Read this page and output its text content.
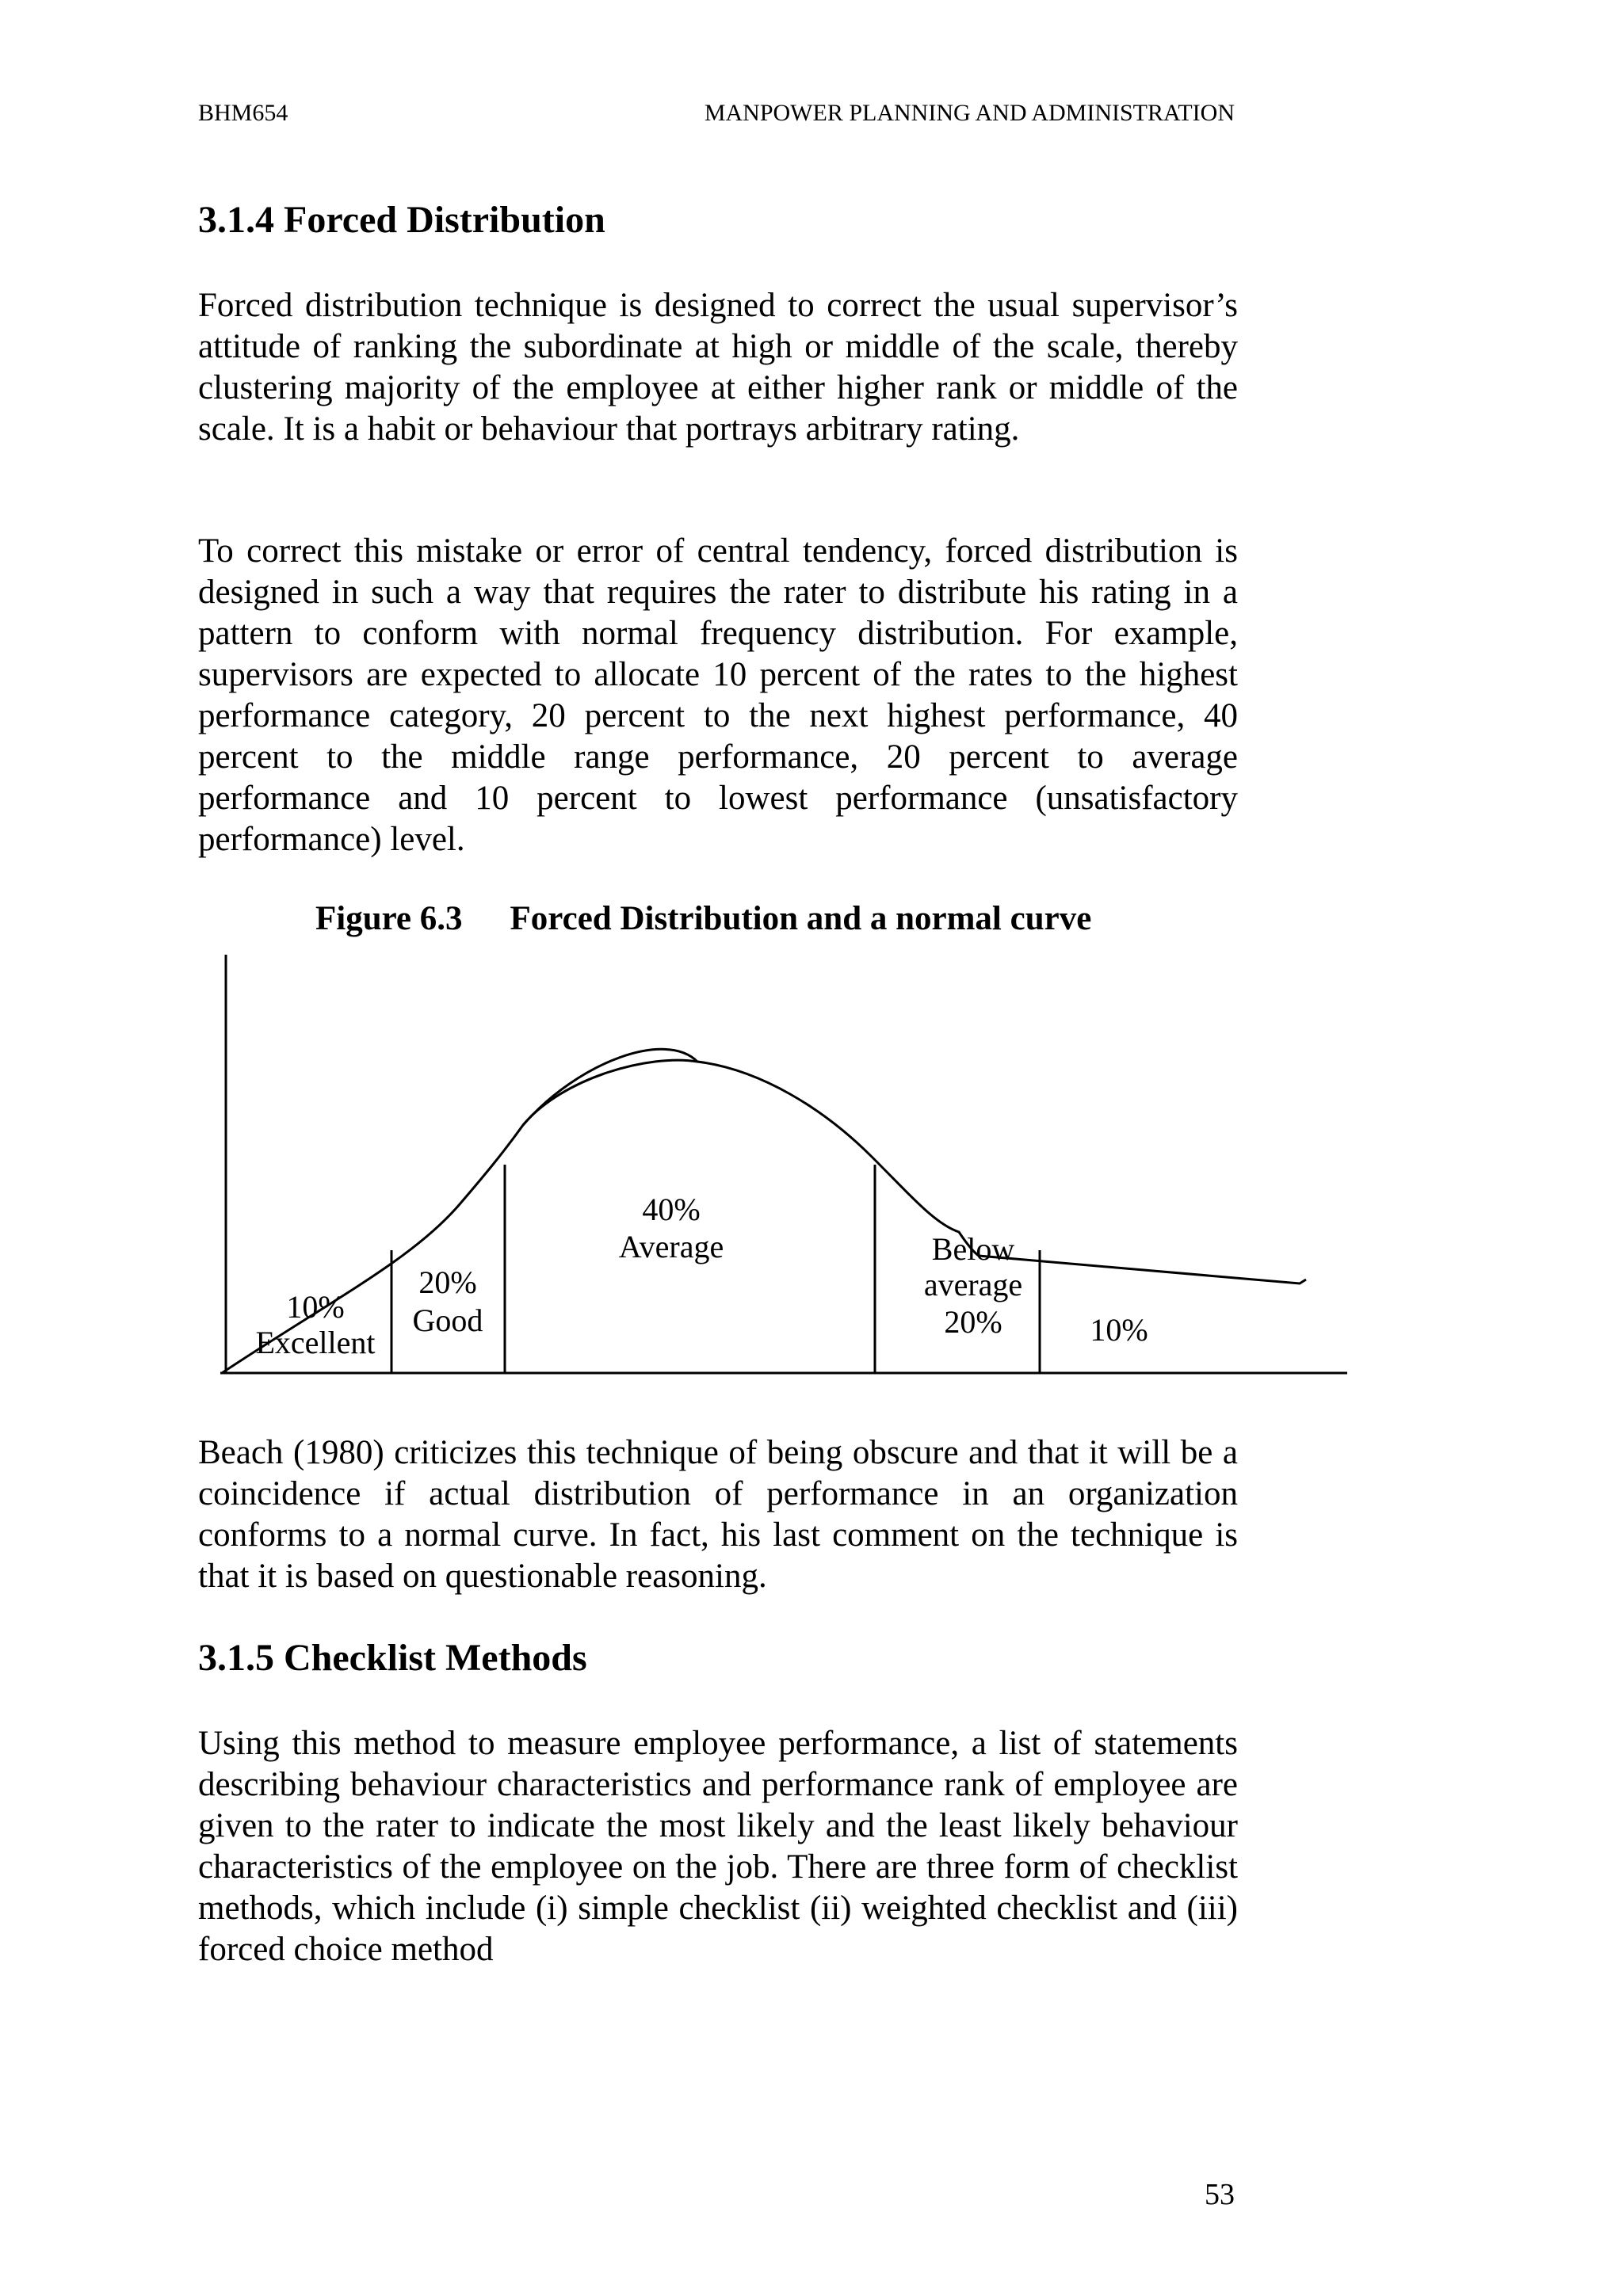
BHM654	MANPOWER PLANNING AND ADMINISTRATION
3.1.4 Forced Distribution

Forced distribution technique is designed to correct the usual supervisor’s attitude of ranking the subordinate at high or middle of the scale, thereby clustering majority of the employee at either higher rank or middle of the scale. It is a habit or behaviour that portrays arbitrary rating.

To correct this mistake or error of central tendency, forced distribution is designed in such a way that requires the rater to distribute his rating in a pattern to conform with normal frequency distribution. For example, supervisors are expected to allocate 10 percent of the rates to the highest performance category, 20 percent to the next highest performance, 40 percent to the middle range performance, 20 percent to average performance and 10 percent to lowest performance (unsatisfactory performance) level.

Figure 6.3 Forced Distribution and a normal curve
10%
Excellent
20%
Good
40%
Average	Below
average
20%	10%

Beach (1980) criticizes this technique of being obscure and that it will be a coincidence if actual distribution of performance in an organization conforms to a normal curve. In fact, his last comment on the technique is that it is based on questionable reasoning.

3.1.5 Checklist Methods

Using this method to measure employee performance, a list of statements describing behaviour characteristics and performance rank of employee are given to the rater to indicate the most likely and the least likely behaviour characteristics of the employee on the job. There are three form of checklist methods, which include (i) simple checklist (ii) weighted checklist and (iii) forced choice method

53
